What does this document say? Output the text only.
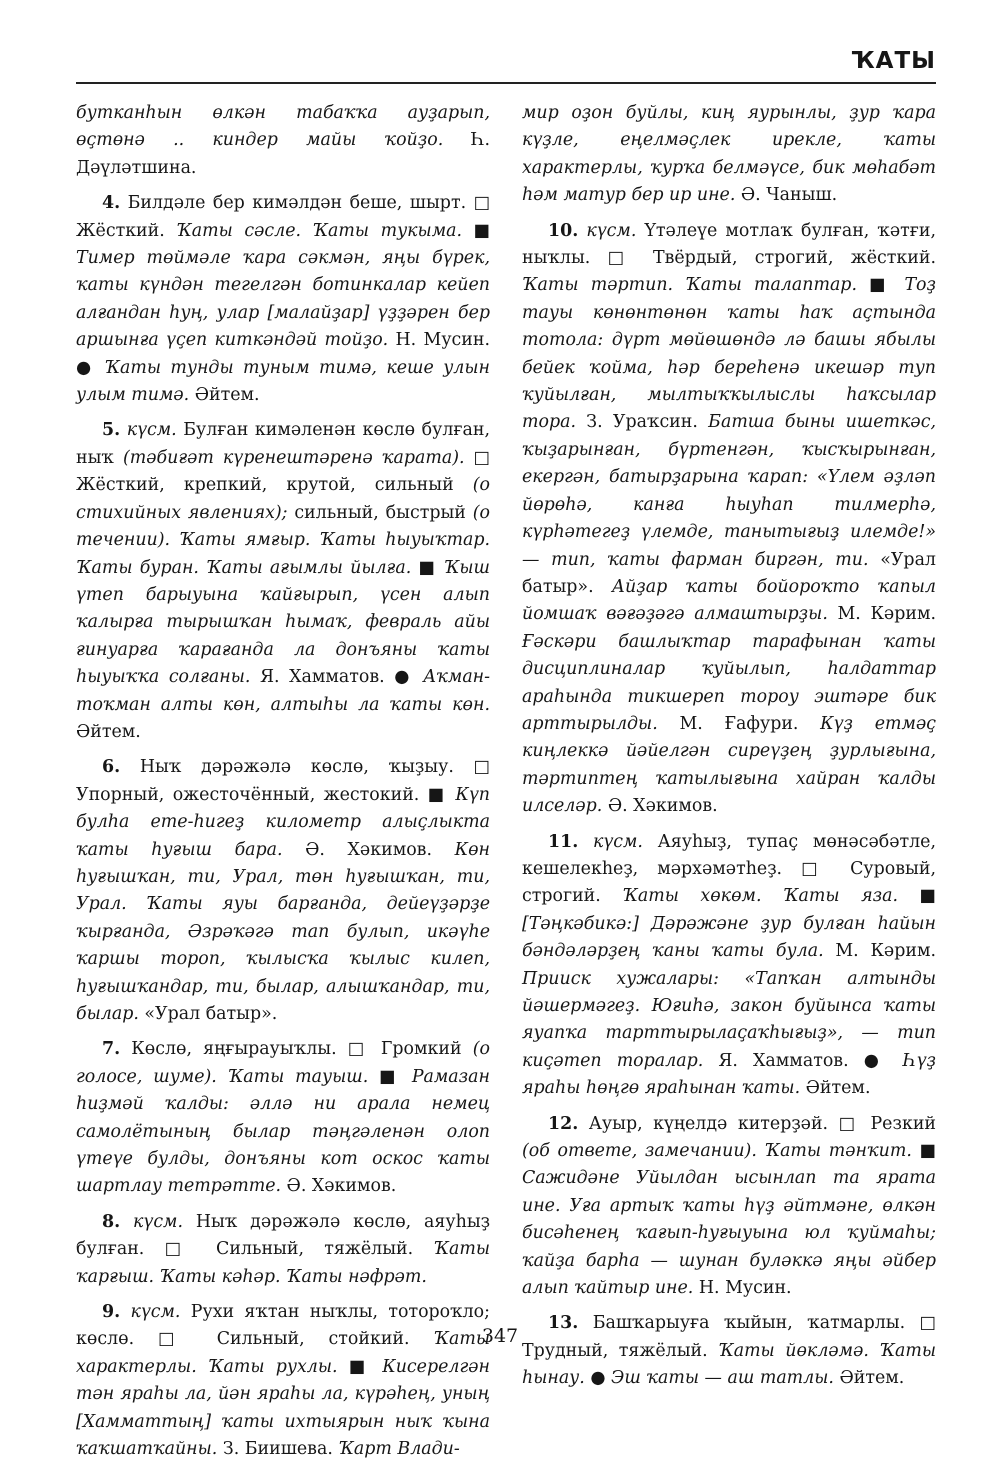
ҠАТЫ

бутканһын өлкән табаҡҡа ауҙарып, өҫтөнә .. киндер майы ҡойҙо. Һ. Дәүләтшина.

4. Билдәле бер кимәлдән беше, шырт. □ Жёсткий. Ҡаты сәсле. Ҡаты тукыма. ■ Тимер төймәле ҡара сәкмән, яңы бүрек, ҡаты күндән тегелгән ботинкалар кейеп алғандан һуң, улар [малайҙар] үҙҙәрен бер аршынға үҫеп киткәндәй тойҙо. Н. Мусин. ● Ҡаты тунды туным тимә, кеше улын улым тимә. Әйтем.

5. күсм. Булған кимәленән көслө булған, ныҡ (тәбиғәт күренештәренә ҡарата). □ Жёсткий, крепкий, крутой, сильный (о стихийных явлениях); сильный, быстрый (о течении). Ҡаты ямғыр. Ҡаты һыуыҡтар. Ҡаты буран. Ҡаты ағымлы йылға. ■ Ҡыш үтеп барыуына ҡайғырып, үсен алып ҡалырға тырышҡан һымаҡ, февраль айы ғинуарға ҡарағанда ла донъяны ҡаты һыуыҡҡа солғаны. Я. Хамматов. ● Аҡман-тоҡман алты көн, алтыһы ла ҡаты көн. Әйтем.

6. Ныҡ дәрәжәлә көслө, ҡыҙыу. □ Упорный, ожесточённый, жестокий. ■ Күп булһа ете-һигеҙ километр алыҫлыкта ҡаты һуғыш бара. Ә. Хәкимов. Көн һуғышҡан, ти, Урал, төн һуғышҡан, ти, Урал. Ҡаты яуы барғанда, дейеүҙәрҙе ҡырғанда, Әзрәҡәгә тап булып, икәүһе ҡаршы тороп, ҡылысҡа ҡылыс килеп, һуғышҡандар, ти, былар, алышҡандар, ти, былар. «Урал батыр».

7. Көслө, яңғырауыҡлы. □ Громкий (о голосе, шуме). Ҡаты тауыш. ■ Рамазан һиҙмәй ҡалды: әллә ни арала немец самолётының былар тәңгәленән олоп үтеүе булды, донъяны кот оскос ҡаты шартлау тетрәтте. Ә. Хәкимов.

8. күсм. Ныҡ дәрәжәлә көслө, аяуһыҙ булған. □ Сильный, тяжёлый. Ҡаты ҡарғыш. Ҡаты кәһәр. Ҡаты нәфрәт.

9. күсм. Рухи яҡтан ныҡлы, тотороҡло; көслө. □ Сильный, стойкий. Ҡаты характерлы. Ҡаты рухлы. ■ Кисерелгән тән яраһы ла, йән яраһы ла, күрәһең, уның [Хамматтың] ҡаты ихтыярын ныҡ ҡына ҡаҡшатҡайны. З. Биишева. Ҡарт Влади-

мир оҙон буйлы, киң яурынлы, ҙур ҡара күҙле, еңелмәҫлек ирекле, ҡаты характерлы, ҡурҡа белмәүсе, бик мөһабәт һәм матур бер ир ине. Ә. Чаныш.

10. күсм. Үтәлеүе мотлаҡ булған, ҡәтғи, ныҡлы. □ Твёрдый, строгий, жёсткий. Ҡаты тәртип. Ҡаты талаптар. ■ Тоҙ тауы көнөнтөнөн ҡаты һаҡ аҫтында тотола: дүрт мөйөшөндә лә башы ябылы бейек ҡойма, һәр береһенә икешәр туп ҡуйылған, мылтыҡҡылыслы һаҡсылар тора. З. Ураҡсин. Батша быны ишеткәс, ҡыҙарынған, бүртенгән, ҡысҡырынған, екергән, батырҙарына ҡарап: «Үлем әҙләп йөрөһә, канға һыуһап тилмерһә, күрһәтегеҙ үлемде, танытығыҙ илемде!» — тип, ҡаты фарман биргән, ти. «Урал батыр». Айҙар ҡаты бойороҡто ҡапыл йомшаҡ вәғәҙәгә алмаштырҙы. М. Кәрим. Ғәскәри башлыҡтар тарафынан ҡаты дисциплиналар ҡуйылып, һалдаттар араһында тикшереп тороу эштәре бик арттырылды. М. Ғафури. Күҙ етмәҫ киңлеккә йәйелгән сиреүҙең ҙурлығына, тәртиптең ҡатылығына хайран ҡалды илселәр. Ә. Хәкимов.

11. күсм. Аяуһыҙ, тупаҫ мөнәсәбәтле, кешелекһеҙ, мәрхәмәтһеҙ. □ Суровый, строгий. Ҡаты хөкөм. Ҡаты яза. ■ [Тәңкәбикә:] Дәрәжәне ҙур булған һайын бәндәләрҙең ҡаны ҡаты була. М. Кәрим. Прииск хужалары: «Тапҡан алтынды йәшермәгеҙ. Юғиһә, закон буйынса ҡаты яуапҡа тарттырылаҫаҡһығыҙ», — тип киҫәтеп торалар. Я. Хамматов. ● Һүҙ яраһы һөңгө яраһынан ҡаты. Әйтем.

12. Ауыр, күңелдә китерҙәй. □ Резкий (об ответе, замечании). Ҡаты тәнҡит. ■ Сажидәне Уйылдан ысынлап та ярата ине. Уға артыҡ ҡаты һүҙ әйтмәне, өлкән бисәһенең ҡағып-һуғыуына юл ҡуймаһы; ҡайҙа барһа — шунан буләккә яңы әйбер алып ҡайтыр ине. Н. Мусин.

13. Башҡарыуға ҡыйын, ҡатмарлы. □ Трудный, тяжёлый. Ҡаты йөкләмә. Ҡаты һынау. ● Эш ҡаты — аш татлы. Әйтем.

347
